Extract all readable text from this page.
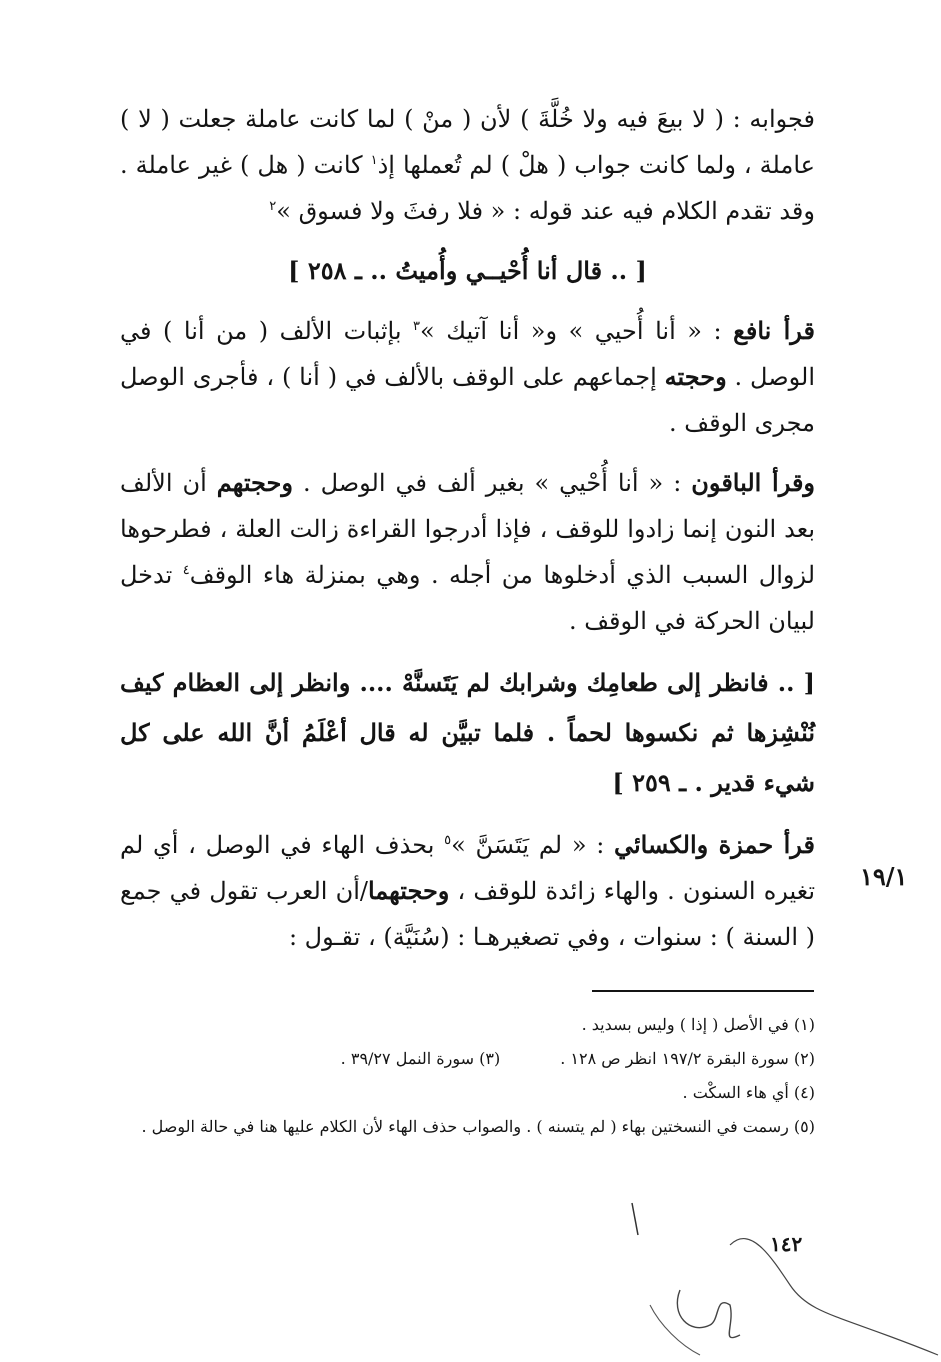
فجوابه : ( لا بيعَ فيه ولا خُلَّةَ ) لأن ( منْ ) لما كانت عاملة جعلت ( لا ) عاملة ، ولما كانت جواب ( هلْ ) لم تُعملها إذ$^١$ كانت ( هل ) غير عاملة . وقد تقدم الكلام فيه عند قوله : « فلا رفثَ ولا فسوق »$^٢$

[ .. قال أنا أُحْيــي وأُميتُ .. ـ ٢٥٨ ]

قرأ نافع : « أنا أُحيي » و« أنا آتيك »$^٣$ بإثبات الألف ( من أنا ) في الوصل . وحجته إجماعهم على الوقف بالألف في ( أنا ) ، فأجرى الوصل مجرى الوقف .

وقرأ الباقون : « أنا أُحْيي » بغير ألف في الوصل . وحجتهم أن الألف بعد النون إنما زادوا للوقف ، فإذا أدرجوا القراءة زالت العلة ، فطرحوها لزوال السبب الذي أدخلوها من أجله . وهي بمنزلة هاء الوقف$^٤$ تدخل لبيان الحركة في الوقف .

[ .. فانظر إلى طعامِك وشرابك لم يَتَسنَّهْ .... وانظر إلى العظام كيف نُنْشِزها ثم نكسوها لحماً . فلما تبيَّن له قال أعْلَمُ أنَّ الله على كل شيء قدير . ـ ٢٥٩ ]

قرأ حمزة والكسائي : « لم يَتَسَنَّ »$^٥$ بحذف الهاء في الوصل ، أي لم تغيره السنون . والهاء زائدة للوقف ، وحجتهما/أن العرب تقول في جمع ( السنة ) : سنوات ، وفي تصغيرهـا : (سُنَيَّة) ، تقـول :

١٩/١

(١) في الأصل ( إذا ) وليس بسديد .

(٢) سورة البقرة ١٩٧/٢ انظر ص ١٢٨ .

(٣) سورة النمل ٣٩/٢٧ .

(٤) أي هاء السكْت .

(٥) رسمت في النسختين بهاء ( لم يتسنه ) . والصواب حذف الهاء لأن الكلام عليها هنا في حالة الوصل .

١٤٢
